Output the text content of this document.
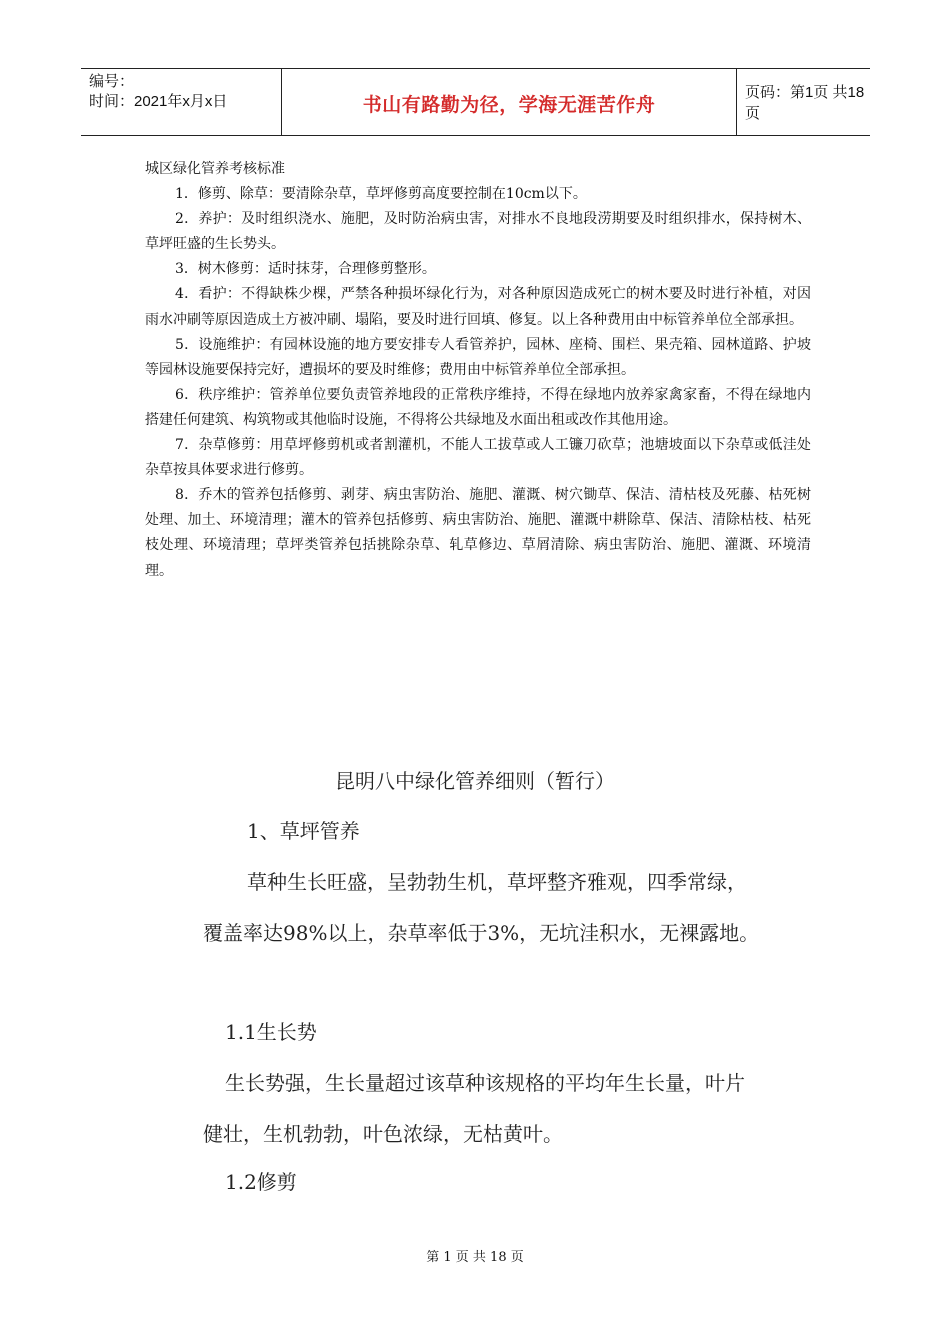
编号：
时间：2021年x月x日	书山有路勤为径，学海无涯苦作舟
页码：第1页 共18页

城区绿化管养考核标准

1．修剪、除草：要清除杂草，草坪修剪高度要控制在10cm以下。

2．养护：及时组织浇水、施肥，及时防治病虫害，对排水不良地段涝期要及时组织排水，保持树木、草坪旺盛的生长势头。

3．树木修剪：适时抹芽，合理修剪整形。

4．看护：不得缺株少棵，严禁各种损坏绿化行为，对各种原因造成死亡的树木要及时进行补植，对因雨水冲刷等原因造成土方被冲刷、塌陷，要及时进行回填、修复。以上各种费用由中标管养单位全部承担。

5．设施维护：有园林设施的地方要安排专人看管养护，园林、座椅、围栏、果壳箱、园林道路、护坡等园林设施要保持完好，遭损坏的要及时维修；费用由中标管养单位全部承担。

6．秩序维护：管养单位要负责管养地段的正常秩序维持，不得在绿地内放养家禽家畜，不得在绿地内搭建任何建筑、构筑物或其他临时设施，不得将公共绿地及水面出租或改作其他用途。

7．杂草修剪：用草坪修剪机或者割灌机，不能人工拔草或人工镰刀砍草；池塘坡面以下杂草或低洼处杂草按具体要求进行修剪。

8．乔木的管养包括修剪、剥芽、病虫害防治、施肥、灌溉、树穴锄草、保洁、清枯枝及死藤、枯死树处理、加土、环境清理；灌木的管养包括修剪、病虫害防治、施肥、灌溉中耕除草、保洁、清除枯枝、枯死枝处理、环境清理；草坪类管养包括挑除杂草、轧草修边、草屑清除、病虫害防治、施肥、灌溉、环境清理。

昆明八中绿化管养细则（暂行）
1、草坪管养
草种生长旺盛，呈勃勃生机，草坪整齐雅观，四季常绿，
覆盖率达98%以上，杂草率低于3%，无坑洼积水，无裸露地。
1.1生长势
生长势强，生长量超过该草种该规格的平均年生长量，叶片
健壮，生机勃勃，叶色浓绿，无枯黄叶。
1.2修剪
第 1 页 共 18 页
